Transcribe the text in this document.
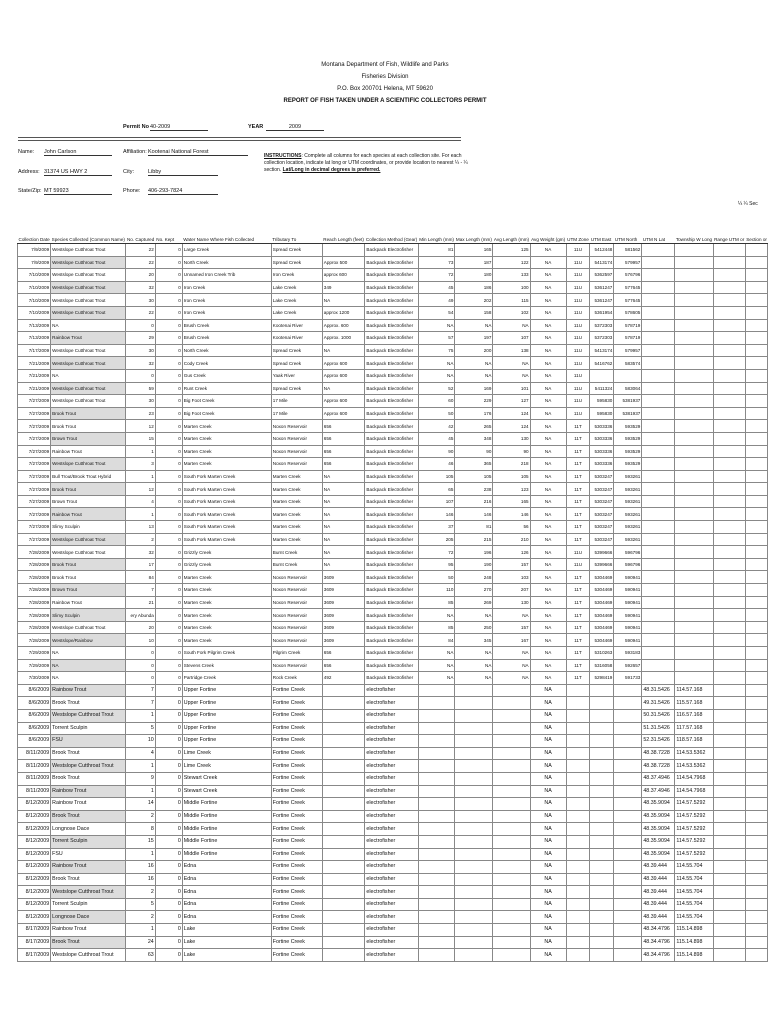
Montana Department of Fish, Wildlife and Parks
Fisheries Division
P.O. Box 200701 Helena, MT 59620
REPORT OF FISH TAKEN UNDER A SCIENTIFIC COLLECTORS PERMIT
Permit No 40-2009	YEAR	2009
Name: John Carlson	Affiliation: Kootenai National Forest
Address: 31374 US HWY 2	City:	Libby
State/Zip: MT 59923	Phone: 406-293-7824
INSTRUCTIONS: Complete all columns for each species at each collection site. For each collection location, indicate lat long or UTM coordinates, or provide location to nearest ¼ - ¼ section. Lat/Long in decimal degrees is preferred.
¼ ¼ Sec
Collection Date	Species Collected (Common Name)	No. Captured	No. Kept	Water Name Where Fish Collected	Tributary To	Reach Length (feet)	Collection Method (Gear)	Min Length (mm)	Max Length (mm)	Avg Length (mm)	Avg Weight (gm)	UTM Zone	UTM East	UTM North	UTM N Lat	Township W Long	Range UTM or	Section or
7/9/2009	Westslope Cutthroat Trout	22	0	Large Creek	Spread Creek		Backpack Electrofisher	81	165	125	NA	11U	5412448	581562				
7/9/2009	Westslope Cutthroat Trout	22	0	North Creek	Spread Creek	Approx 500	Backpack Electrofisher	73	187	122	NA	11U	5413174	579957				
7/10/2009	Westslope Cutthroat Trout	20	0	Unnamed Iron Creek Trib	Iron Creek	approx 600	Backpack Electrofisher	72	180	133	NA	11U	5362597	576796				
7/10/2009	Westslope Cutthroat Trout	32	0	Iron Creek	Lake Creek	349	Backpack Electrofisher	45	186	100	NA	11U	5361247	577645				
7/10/2009	Westslope Cutthroat Trout	30	0	Iron Creek	Lake Creek	NA	Backpack Electrofisher	49	202	115	NA	11U	5361247	577645				
7/10/2009	Westslope Cutthroat Trout	22	0	Iron Creek	Lake Creek	approx 1200	Backpack Electrofisher	54	158	102	NA	11U	5361954	578605				
7/13/2009	NA	0	0	Brush Creek	Kootenai River	Approx. 600	Backpack Electrofisher	NA	NA	NA	NA	11U	5372303	578719				
7/13/2009	Rainbow Trout	29	0	Brush Creek	Kootenai River	Approx. 1000	Backpack Electrofisher	57	197	107	NA	11U	5372303	578719				
7/17/2009	Westslope Cutthroat Trout	30	0	North Creek	Spread Creek	NA	Backpack Electrofisher	75	200	138	NA	11U	5413174	579957				
7/21/2009	Westslope Cutthroat Trout	32	0	Cody Creek	Spread Creek	Approx 600	Backpack Electrofisher	NA	NA	NA	NA	11U	5416762	583574				
7/21/2009	NA	0	0	Gus Creek	Yaak River	Approx 600	Backpack Electrofisher	NA	NA	NA	NA	11U						
7/21/2009	Westslope Cutthroat Trout	59	0	Runt Creek	Spread Creek	NA	Backpack Electrofisher	52	169	101	NA	11U	5411324	583064				
7/27/2009	Westslope Cutthroat Trout	30	0	Big Foot Creek	17 Mile	Approx 600	Backpack Electrofisher	60	229	127	NA	11U	595830	5381937				
7/27/2009	Brook Trout	23	0	Big Foot Creek	17 Mile	Approx 600	Backpack Electrofisher	50	176	124	NA	11U	595830	5381937				
7/27/2009	Brook Trout	12	0	Marten Creek	Noxon Reservoir	656	Backpack Electrofisher	42	265	124	NA	11T	5303336	593529				
7/27/2009	Brown Trout	15	0	Marten Creek	Noxon Reservoir	656	Backpack Electrofisher	45	348	130	NA	11T	5303336	593529				
7/27/2009	Rainbow Trout	1	0	Marten Creek	Noxon Reservoir	656	Backpack Electrofisher	90	90	90	NA	11T	5303336	593529				
7/27/2009	Westslope Cutthroat Trout	3	0	Marten Creek	Noxon Reservoir	656	Backpack Electrofisher	46	365	218	NA	11T	5303336	593529				
7/27/2009	Bull Trout/Brook Trout Hybrid	1	0	South Fork Marten Creek	Marten Creek	NA	Backpack Electrofisher	105	105	105	NA	11T	5303247	593261				
7/27/2009	Brook Trout	12	0	South Fork Marten Creek	Marten Creek	NA	Backpack Electrofisher	65	238	123	NA	11T	5303247	593261				
7/27/2009	Brown Trout	4	0	South Fork Marten Creek	Marten Creek	NA	Backpack Electrofisher	107	216	165	NA	11T	5303247	593261				
7/27/2009	Rainbow Trout	1	0	South Fork Marten Creek	Marten Creek	NA	Backpack Electrofisher	146	146	146	NA	11T	5303247	593261				
7/27/2009	Slimy Sculpin	13	0	South Fork Marten Creek	Marten Creek	NA	Backpack Electrofisher	37	81	56	NA	11T	5303247	593261				
7/27/2009	Westslope Cutthroat Trout	2	0	South Fork Marten Creek	Marten Creek	NA	Backpack Electrofisher	205	215	210	NA	11T	5303247	593261				
7/28/2009	Westslope Cutthroat Trout	32	0	Grizzly Creek	Burnt Creek	NA	Backpack Electrofisher	72	196	126	NA	11U	5399666	596796				
7/28/2009	Brook Trout	17	0	Grizzly Creek	Burnt Creek	NA	Backpack Electrofisher	95	190	157	NA	11U	5399666	596796				
7/28/2009	Brook Trout	84	0	Marten Creek	Noxon Reservoir	3609	Backpack Electrofisher	50	248	103	NA	11T	5304469	590941				
7/28/2009	Brown Trout	7	0	Marten Creek	Noxon Reservoir	3609	Backpack Electrofisher	110	270	207	NA	11T	5304469	590941				
7/28/2009	Rainbow Trout	21	0	Marten Creek	Noxon Reservoir	3609	Backpack Electrofisher	85	269	130	NA	11T	5304469	590941				
7/28/2009	Slimy Sculpin	ery Abunda	0	Marten Creek	Noxon Reservoir	3609	Backpack Electrofisher	NA	NA	NA	NA	11T	5304469	590941				
7/28/2009	Westslope Cutthroat Trout	20	0	Marten Creek	Noxon Reservoir	3609	Backpack Electrofisher	85	250	157	NA	11T	5304469	590941				
7/28/2009	Westslope/Rainbow	10	0	Marten Creek	Noxon Reservoir	3609	Backpack Electrofisher	84	345	167	NA	11T	5304469	590941				
7/29/2009	NA	0	0	South Fork Pilgrim Creek	Pilgrim Creek	656	Backpack Electrofisher	NA	NA	NA	NA	11T	5310263	593183				
7/29/2009	NA	0	0	Stevens Creek	Noxon Reservoir	656	Backpack Electrofisher	NA	NA	NA	NA	11T	5316058	592657				
7/30/2009	NA	0	0	Partridge Creek	Rock Creek	492	Backpack Electrofisher	NA	NA	NA	NA	11T	5298419	591733				
8/6/2009	Rainbow Trout	7	0	Upper Fortine	Fortine Creek		electrofisher				NA				48.31.5426	114.57.168		
8/6/2009	Brook Trout	7	0	Upper Fortine	Fortine Creek		electrofisher				NA				49.31.5426	115.57.168		
8/6/2009	Westslope Cutthroat Trout	1	0	Upper Fortine	Fortine Creek		electrofisher				NA				50.31.5426	116.57.168		
8/6/2009	Torrent Sculpin	5	0	Upper Fortine	Fortine Creek		electrofisher				NA				51.31.5426	117.57.168		
8/6/2009	FSU	10	0	Upper Fortine	Fortine Creek		electrofisher				NA				52.31.5426	118.57.168		
8/11/2009	Brook Trout	4	0	Lime Creek	Fortine Creek		electrofisher				NA				48.38.7228	114.53.5362		
8/11/2009	Westslope Cutthroat Trout	1	0	Lime Creek	Fortine Creek		electrofisher				NA				48.38.7228	114.53.5362		
8/11/2009	Brook Trout	9	0	Stewart Creek	Fortine Creek		electrofisher				NA				48.37.4946	114.54.7968		
8/11/2009	Rainbow Trout	1	0	Stewart Creek	Fortine Creek		electrofisher				NA				48.37.4946	114.54.7968		
8/12/2009	Rainbow Trout	14	0	Middle Fortine	Fortine Creek		electrofisher				NA				48.35.9094	114.57.5292		
8/12/2009	Brook Trout	2	0	Middle Fortine	Fortine Creek		electrofisher				NA				48.35.9094	114.57.5292		
8/12/2009	Longnose Dace	8	0	Middle Fortine	Fortine Creek		electrofisher				NA				48.35.9094	114.57.5292		
8/12/2009	Torrent Sculpin	15	0	Middle Fortine	Fortine Creek		electrofisher				NA				48.35.9094	114.57.5292		
8/12/2009	FSU	1	0	Middle Fortine	Fortine Creek		electrofisher				NA				48.35.9094	114.57.5292		
8/12/2009	Rainbow Trout	16	0	Edna	Fortine Creek		electrofisher				NA				48.39.444	114.55.704		
8/12/2009	Brook Trout	16	0	Edna	Fortine Creek		electrofisher				NA				48.39.444	114.55.704		
8/12/2009	Westslope Cutthroat Trout	2	0	Edna	Fortine Creek		electrofisher				NA				48.39.444	114.55.704		
8/12/2009	Torrent Sculpin	5	0	Edna	Fortine Creek		electrofisher				NA				48.39.444	114.55.704		
8/12/2009	Longnose Dace	2	0	Edna	Fortine Creek		electrofisher				NA				48.39.444	114.55.704		
8/17/2009	Rainbow Trout	1	0	Lake	Fortine Creek		electrofisher				NA				48.34.4796	115.14.898		
8/17/2009	Brook Trout	24	0	Lake	Fortine Creek		electrofisher				NA				48.34.4796	115.14.898		
8/17/2009	Westslope Cutthroat Trout	63	0	Lake	Fortine Creek		electrofisher				NA				48.34.4796	115.14.898		
